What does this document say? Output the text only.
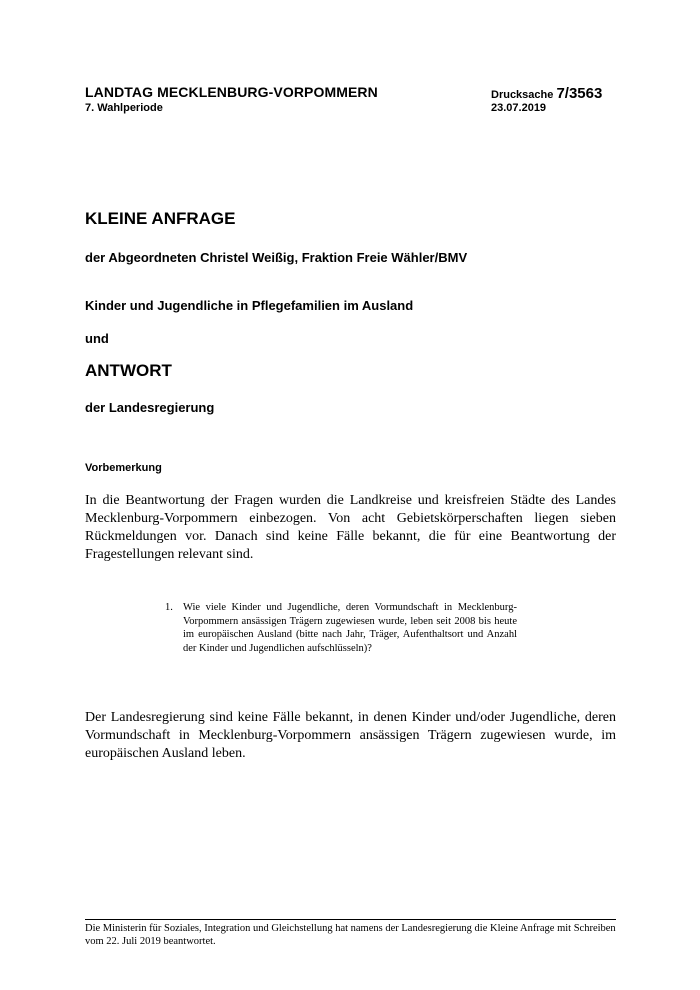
LANDTAG MECKLENBURG-VORPOMMERN
7. Wahlperiode
Drucksache 7/3563
23.07.2019
KLEINE ANFRAGE
der Abgeordneten Christel Weißig, Fraktion Freie Wähler/BMV
Kinder und Jugendliche in Pflegefamilien im Ausland
und
ANTWORT
der Landesregierung
Vorbemerkung

In die Beantwortung der Fragen wurden die Landkreise und kreisfreien Städte des Landes Mecklenburg-Vorpommern einbezogen. Von acht Gebietskörperschaften liegen sieben Rückmeldungen vor. Danach sind keine Fälle bekannt, die für eine Beantwortung der Fragestellungen relevant sind.

1. Wie viele Kinder und Jugendliche, deren Vormundschaft in Mecklenburg-Vorpommern ansässigen Trägern zugewiesen wurde, leben seit 2008 bis heute im europäischen Ausland (bitte nach Jahr, Träger, Aufenthaltsort und Anzahl der Kinder und Jugendlichen aufschlüsseln)?

Der Landesregierung sind keine Fälle bekannt, in denen Kinder und/oder Jugendliche, deren Vormundschaft in Mecklenburg-Vorpommern ansässigen Trägern zugewiesen wurde, im europäischen Ausland leben.

Die Ministerin für Soziales, Integration und Gleichstellung hat namens der Landesregierung die Kleine Anfrage mit Schreiben vom 22. Juli 2019 beantwortet.
